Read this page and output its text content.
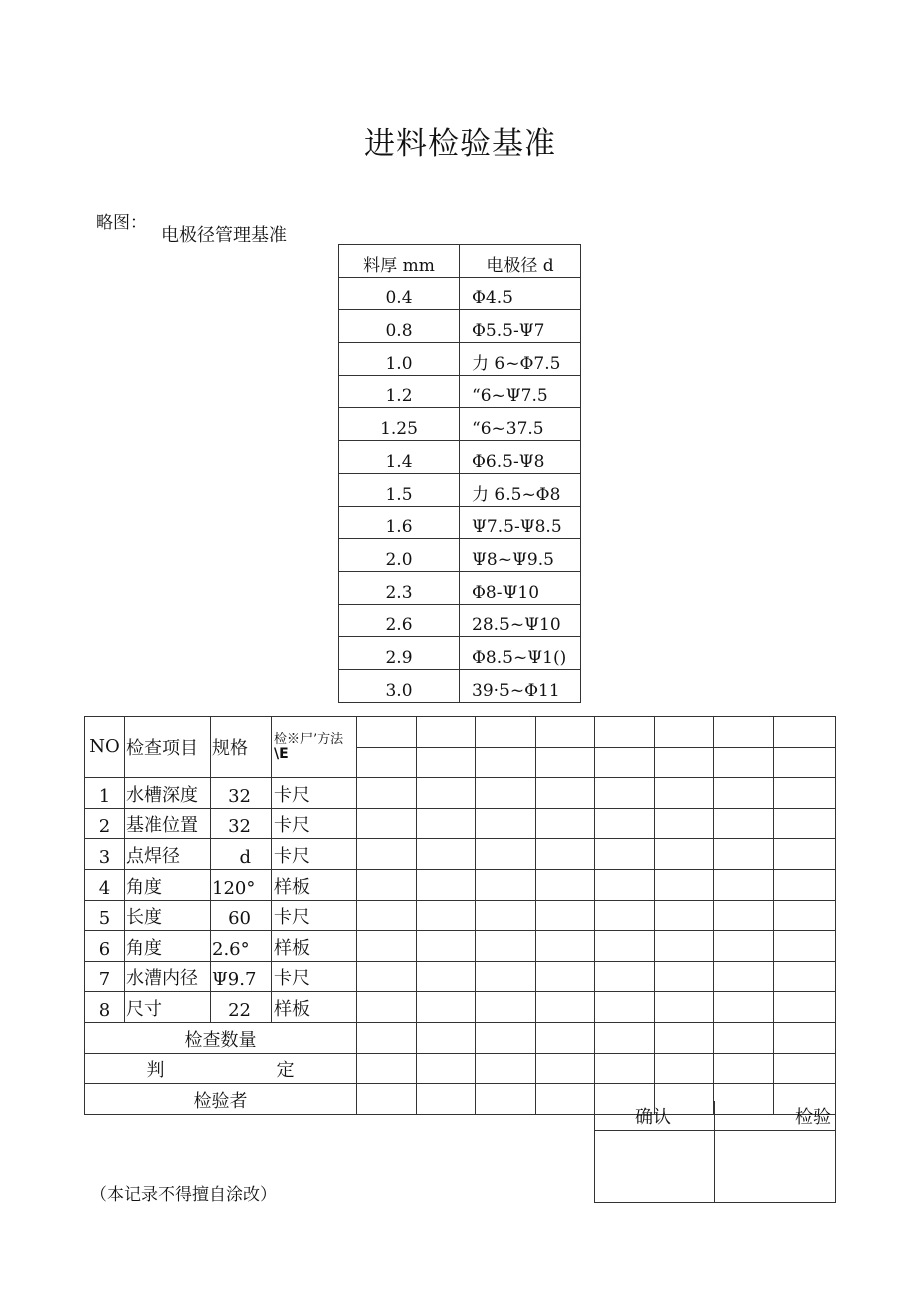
进料检验基准
略图：
电极径管理基准
料厚 mm	电极径 d
0.4	Φ4.5
0.8	Φ5.5-Ψ7
1.0	力 6~Φ7.5
1.2	“6~Ψ7.5
1.25	“6~37.5
1.4	Φ6.5-Ψ8
1.5	力 6.5~Φ8
1.6	Ψ7.5-Ψ8.5
2.0	Ψ8~Ψ9.5
2.3	Φ8-Ψ10
2.6	28.5~Ψ10
2.9	Φ8.5~Ψ1()
3.0	39·5~Φ11
NO	检查项目	规格	检※尸’方法
\E								

1	水槽深度	32	卡尺								
2	基准位置	32	卡尺								
3	点焊径	d	卡尺								
4	角度	120°	样板								
5	长度	60	卡尺								
6	角度	2.6°	样板								
7	水漕内径	Ψ9.7	卡尺								
8	尺寸	22	样板								
检查数量											
判 定											
检验者											
确认	检验

（本记录不得擅自涂改）
